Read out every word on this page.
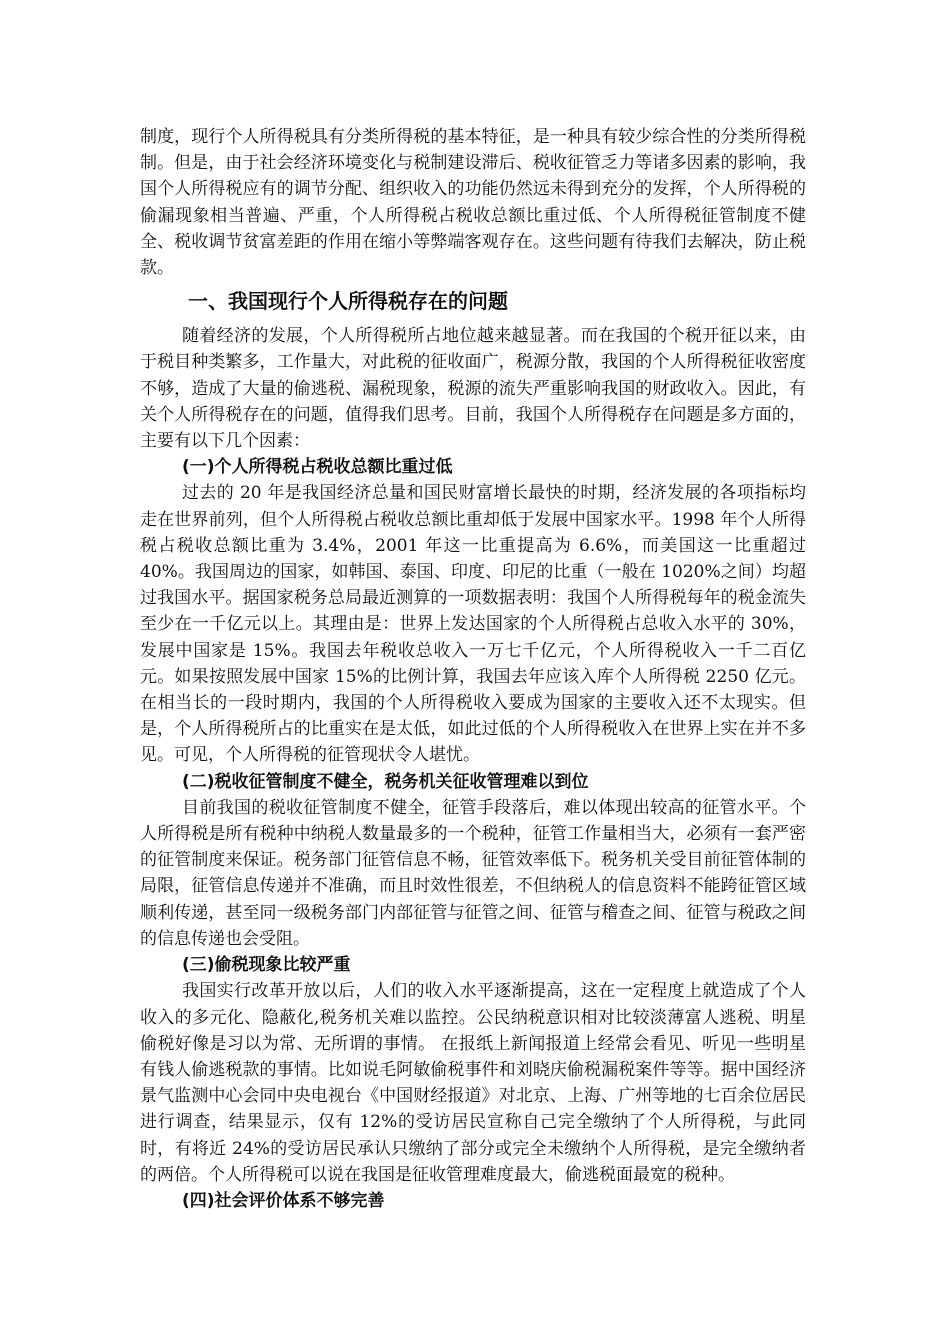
制度，现行个人所得税具有分类所得税的基本特征，是一种具有较少综合性的分类所得税制。但是，由于社会经济环境变化与税制建设滞后、税收征管乏力等诸多因素的影响，我国个人所得税应有的调节分配、组织收入的功能仍然远未得到充分的发挥，个人所得税的偷漏现象相当普遍、严重，个人所得税占税收总额比重过低、个人所得税征管制度不健全、税收调节贫富差距的作用在缩小等弊端客观存在。这些问题有待我们去解决，防止税款。

一、我国现行个人所得税存在的问题

随着经济的发展，个人所得税所占地位越来越显著。而在我国的个税开征以来，由于税目种类繁多，工作量大，对此税的征收面广，税源分散，我国的个人所得税征收密度不够，造成了大量的偷逃税、漏税现象，税源的流失严重影响我国的财政收入。因此，有关个人所得税存在的问题，值得我们思考。目前，我国个人所得税存在问题是多方面的，主要有以下几个因素：

(一)个人所得税占税收总额比重过低

过去的 20 年是我国经济总量和国民财富增长最快的时期，经济发展的各项指标均走在世界前列，但个人所得税占税收总额比重却低于发展中国家水平。1998 年个人所得税占税收总额比重为 3.4%，2001 年这一比重提高为 6.6%，而美国这一比重超过 40%。我国周边的国家，如韩国、泰国、印度、印尼的比重（一般在 1020%之间）均超过我国水平。据国家税务总局最近测算的一项数据表明：我国个人所得税每年的税金流失至少在一千亿元以上。其理由是：世界上发达国家的个人所得税占总收入水平的 30%，发展中国家是 15%。我国去年税收总收入一万七千亿元，个人所得税收入一千二百亿元。如果按照发展中国家 15%的比例计算，我国去年应该入库个人所得税 2250 亿元。在相当长的一段时期内，我国的个人所得税收入要成为国家的主要收入还不太现实。但是，个人所得税所占的比重实在是太低，如此过低的个人所得税收入在世界上实在并不多见。可见，个人所得税的征管现状令人堪忧。

(二)税收征管制度不健全，税务机关征收管理难以到位

目前我国的税收征管制度不健全，征管手段落后，难以体现出较高的征管水平。个人所得税是所有税种中纳税人数量最多的一个税种，征管工作量相当大，必须有一套严密的征管制度来保证。税务部门征管信息不畅，征管效率低下。税务机关受目前征管体制的局限，征管信息传递并不准确，而且时效性很差，不但纳税人的信息资料不能跨征管区域顺利传递，甚至同一级税务部门内部征管与征管之间、征管与稽查之间、征管与税政之间的信息传递也会受阻。

(三)偷税现象比较严重

我国实行改革开放以后，人们的收入水平逐渐提高，这在一定程度上就造成了个人收入的多元化、隐蔽化,税务机关难以监控。公民纳税意识相对比较淡薄富人逃税、明星偷税好像是习以为常、无所谓的事情。 在报纸上新闻报道上经常会看见、听见一些明星有钱人偷逃税款的事情。比如说毛阿敏偷税事件和刘晓庆偷税漏税案件等等。据中国经济景气监测中心会同中央电视台《中国财经报道》对北京、上海、广州等地的七百余位居民进行调查，结果显示，仅有 12%的受访居民宣称自己完全缴纳了个人所得税，与此同时，有将近 24%的受访居民承认只缴纳了部分或完全未缴纳个人所得税，是完全缴纳者的两倍。个人所得税可以说在我国是征收管理难度最大，偷逃税面最宽的税种。

(四)社会评价体系不够完善
